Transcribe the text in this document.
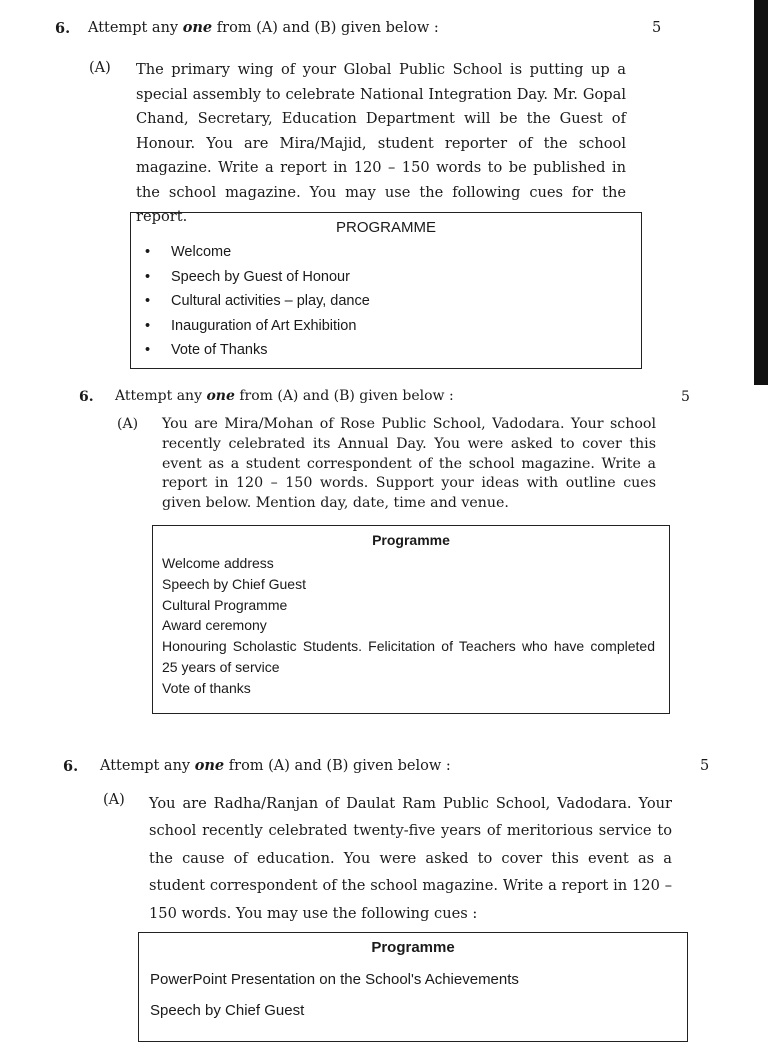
6. Attempt any one from (A) and (B) given below :	5
(A) The primary wing of your Global Public School is putting up a special assembly to celebrate National Integration Day. Mr. Gopal Chand, Secretary, Education Department will be the Guest of Honour. You are Mira/Majid, student reporter of the school magazine. Write a report in 120 – 150 words to be published in the school magazine. You may use the following cues for the report.
PROGRAMME
• Welcome
• Speech by Guest of Honour
• Cultural activities – play, dance
• Inauguration of Art Exhibition
• Vote of Thanks
6. Attempt any one from (A) and (B) given below :	5
(A) You are Mira/Mohan of Rose Public School, Vadodara. Your school recently celebrated its Annual Day. You were asked to cover this event as a student correspondent of the school magazine. Write a report in 120 – 150 words. Support your ideas with outline cues given below. Mention day, date, time and venue.
Programme
Welcome address
Speech by Chief Guest
Cultural Programme
Award ceremony
Honouring Scholastic Students. Felicitation of Teachers who have completed 25 years of service
Vote of thanks
6. Attempt any one from (A) and (B) given below :	5
(A) You are Radha/Ranjan of Daulat Ram Public School, Vadodara. Your school recently celebrated twenty-five years of meritorious service to the cause of education. You were asked to cover this event as a student correspondent of the school magazine. Write a report in 120 – 150 words. You may use the following cues :
Programme
PowerPoint Presentation on the School's Achievements
Speech by Chief Guest
